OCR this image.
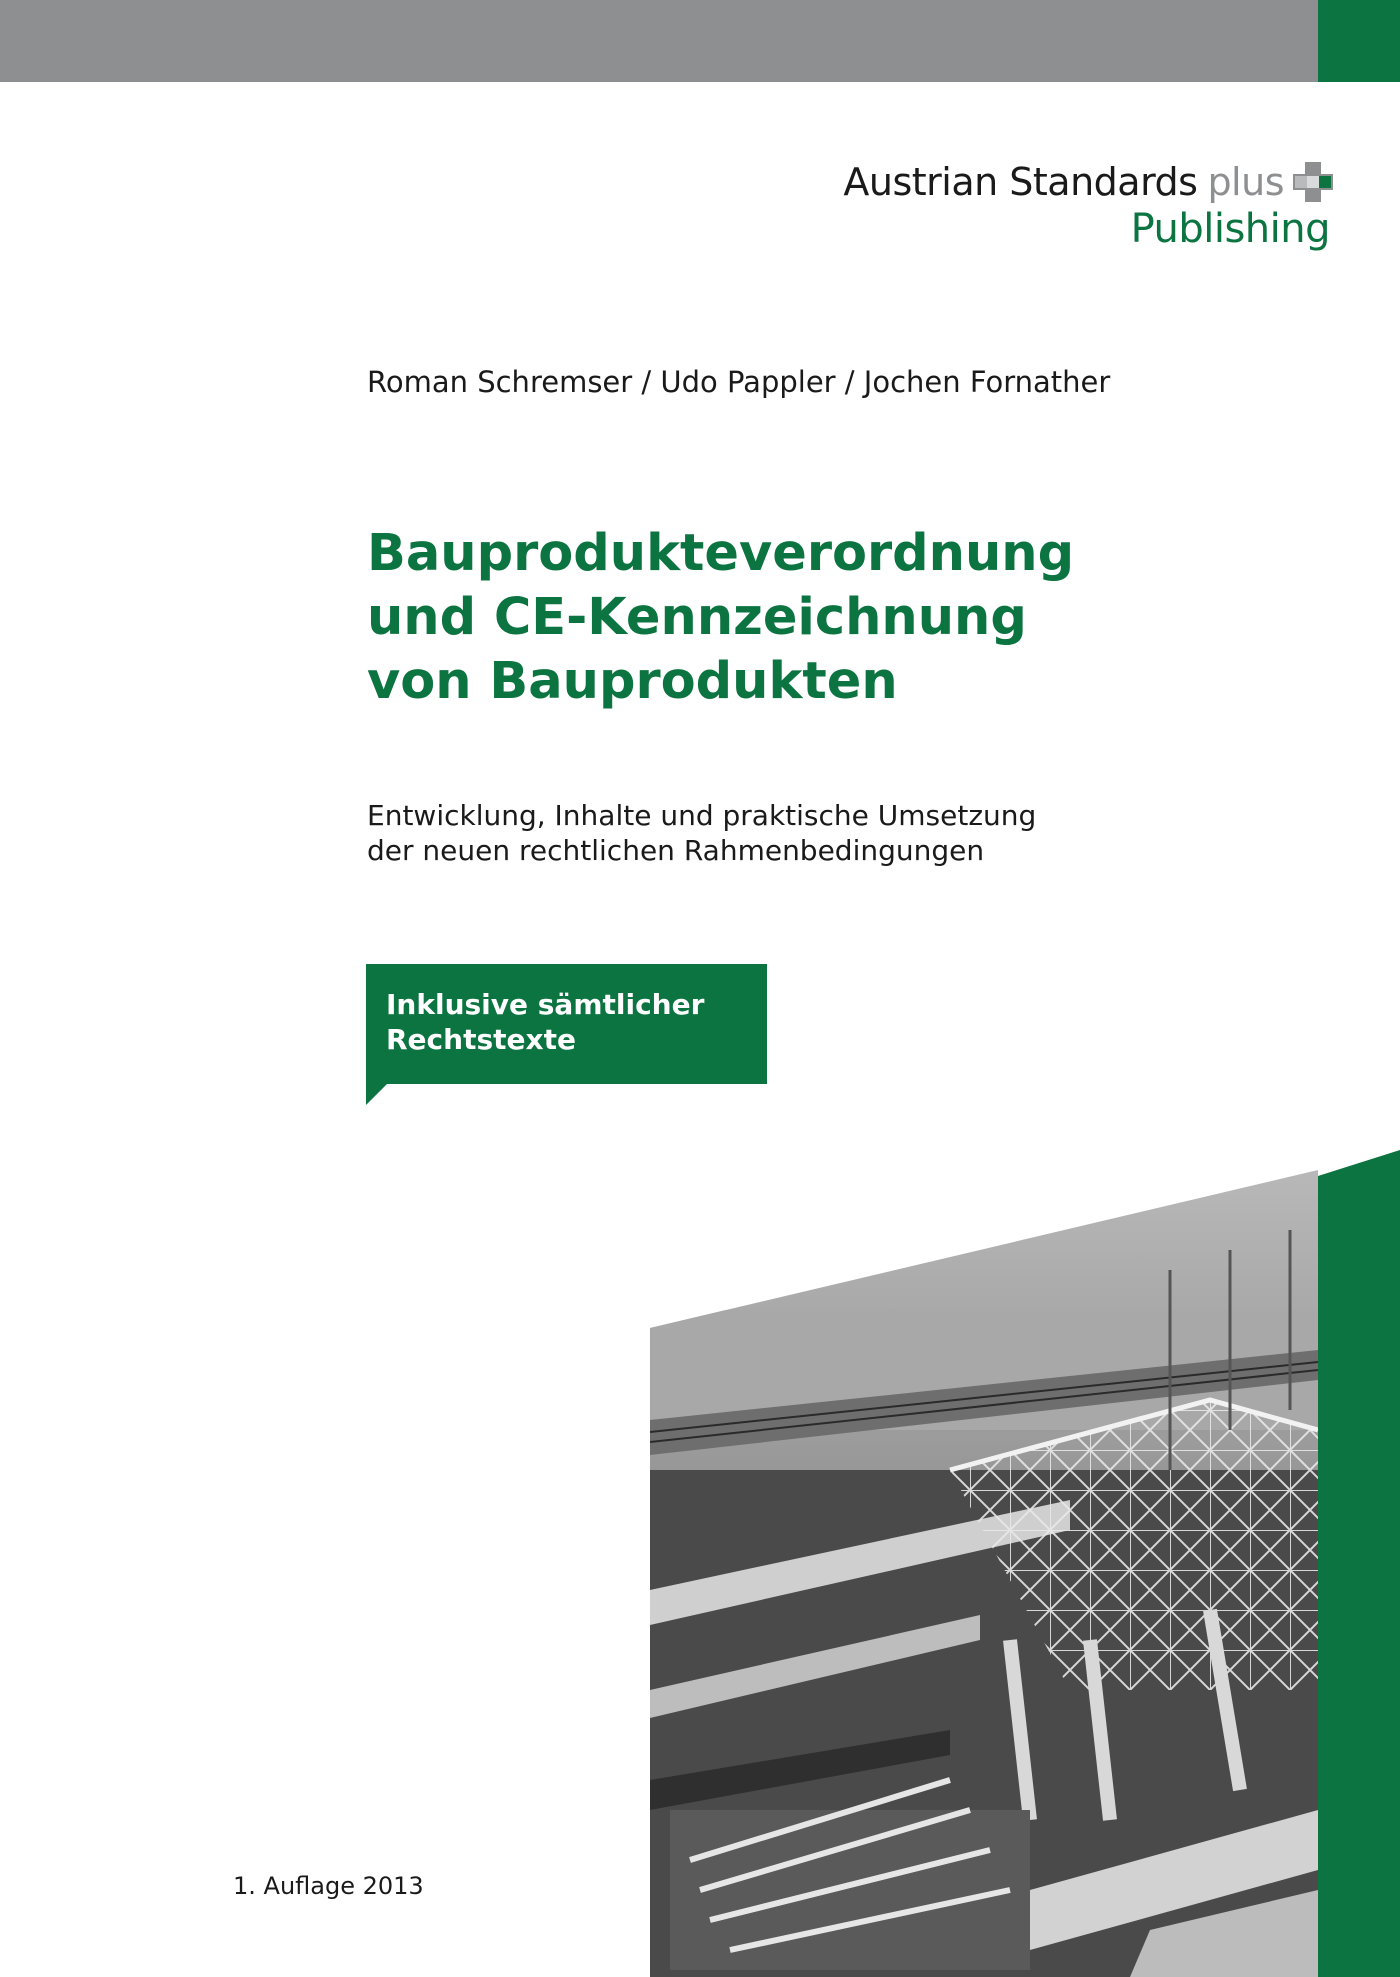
Austrian Standards plus
Publishing
Roman Schremser / Udo Pappler / Jochen Fornather
Bauprodukteverordnung
und CE-Kennzeichnung
von Bauprodukten
Entwicklung, Inhalte und praktische Umsetzung
der neuen rechtlichen Rahmenbedingungen
Inklusive sämtlicher
Rechtstexte
1. Auflage 2013
